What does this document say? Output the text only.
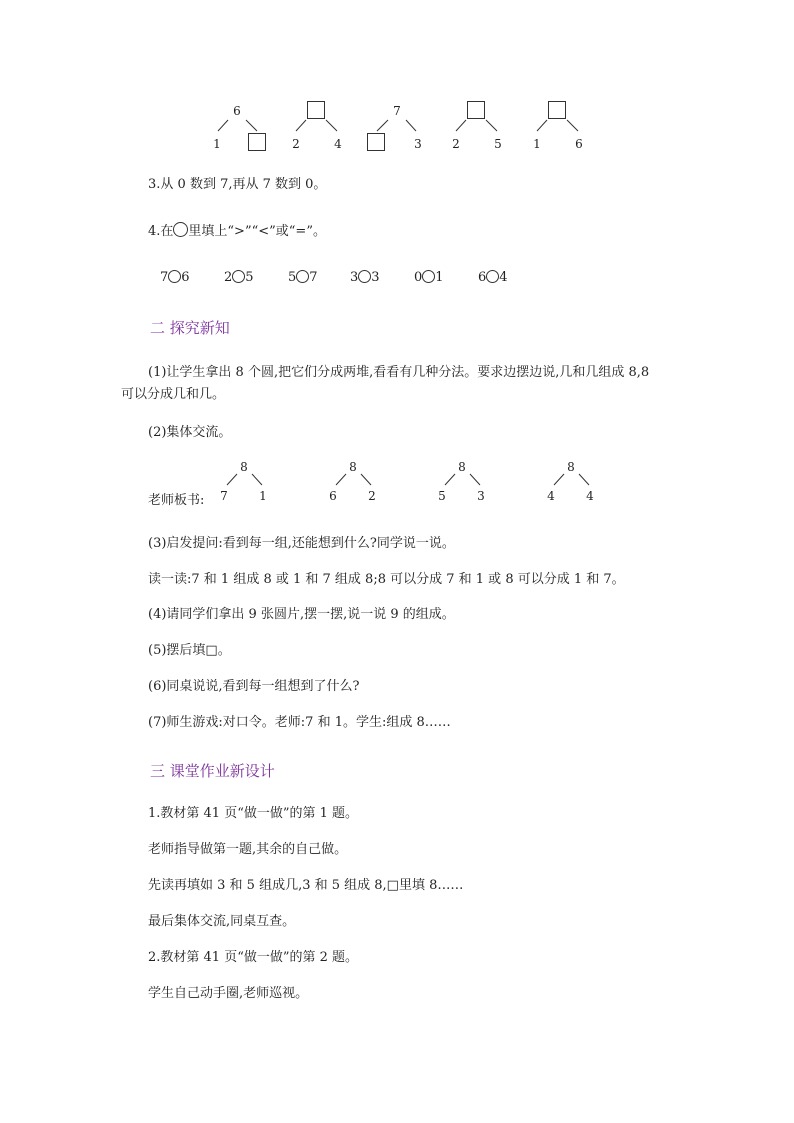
6
1	2	4
7
3	2	5	1	6
3.从 0 数到 7,再从 7 数到 0。
4.在 里填上“>”“<”或“=”。
7 6	2 5	5 7 3 3	0 1	6 4
二 探究新知
(1)让学生拿出 8 个圆,把它们分成两堆,看看有几种分法。要求边摆边说,几和几组成 8,8
可以分成几和几。
(2)集体交流。
老师板书:
8
7	1
8
6	2
8
5	3
8
4	4
(3)启发提问:看到每一组,还能想到什么?同学说一说。
读一读:7 和 1 组成 8 或 1 和 7 组成 8;8 可以分成 7 和 1 或 8 可以分成 1 和 7。
(4)请同学们拿出 9 张圆片,摆一摆,说一说 9 的组成。
(5)摆后填□。
(6)同桌说说,看到每一组想到了什么?
(7)师生游戏:对口令。老师:7 和 1。学生:组成 8……
三 课堂作业新设计
1.教材第 41 页“做一做”的第 1 题。
老师指导做第一题,其余的自己做。
先读再填如 3 和 5 组成几,3 和 5 组成 8,□里填 8……
最后集体交流,同桌互查。
2.教材第 41 页“做一做”的第 2 题。
学生自己动手圈,老师巡视。
